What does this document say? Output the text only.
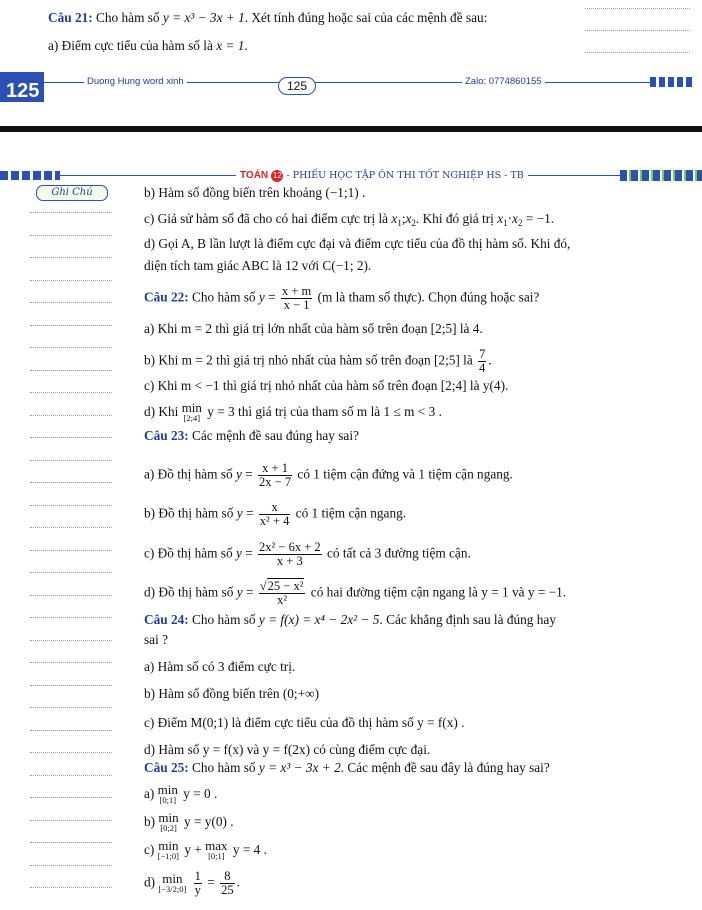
Câu 21: Cho hàm số y = x³ − 3x + 1. Xét tính đúng hoặc sai của các mệnh đề sau:
a) Điểm cực tiểu của hàm số là x = 1.
125	Duong Hung word xinh	125	Zalo: 0774860155
TOÁN 12 - PHIẾU HỌC TẬP ÔN THI TỐT NGHIỆP HS - TB
Ghi Chú	b) Hàm số đồng biến trên khoảng (−1;1) .
c) Giả sử hàm số đã cho có hai điểm cực trị là $x_1;x_2$. Khi đó giá trị $x_1\cdot x_2 = -1$.
d) Gọi A, B lần lượt là điểm cực đại và điểm cực tiểu của đồ thị hàm số. Khi đó,
diện tích tam giác ABC là 12 với C(−1; 2).
Câu 22: Cho hàm số $y = \frac{x + m}{x - 1} (m$ là tham số thực). Chọn đúng hoặc sai?
a) Khi m = 2 thì giá trị lớn nhất của hàm số trên đoạn [2;5] là 4.
b) Khi m = 2 thì giá trị nhỏ nhất của hàm số trên đoạn [2;5] là $\frac{7}{4}$ .
c) Khi m < −1 thì giá trị nhỏ nhất của hàm số trên đoạn [2;4] là y(4).
d) Khi min
[2;4] y = 3 thì giá trị của tham số m là 1 ≤ m < 3 .
Câu 23: Các mệnh đề sau đúng hay sai?
a) Đồ thị hàm số $y = \frac{x + 1}{2x - 7}$ có 1 tiệm cận đứng và 1 tiệm cận ngang.
b) Đồ thị hàm số $y = \frac{x}{\text{x² + 4}}$ có 1 tiệm cận ngang.
c) Đồ thị hàm số $y = \frac{\text{2x² − 6x + 2}}{x + 3}$ có tất cả 3 đường tiệm cận.
d) Đồ thị hàm số $y = \frac{\text{√25 − x²}}{\text{x²}}$ có hai đường tiệm cận ngang là y = 1 và y = −1.
Câu 24: Cho hàm số y = f(x) = x⁴ − 2x² − 5. Các khẳng định sau là đúng hay
sai ?
a) Hàm số có 3 điểm cực trị.
b) Hàm số đồng biến trên (0;+∞)
c) Điểm M(0;1) là điểm cực tiểu của đồ thị hàm số y = f(x) .
d) Hàm số y = f(x) và y = f(2x) có cùng điểm cực đại.
Câu 25: Cho hàm số y = x³ − 3x + 2. Các mệnh đề sau đây là đúng hay sai?
a) min
[0;1] y = 0 .
b) min
[0;2] y = y(0) .
c) min
[−1;0] y + max
[0;1] y = 4 .
d) min
[−3/2;0]
$\frac{1}{y} = \frac{8}{25}$ .
